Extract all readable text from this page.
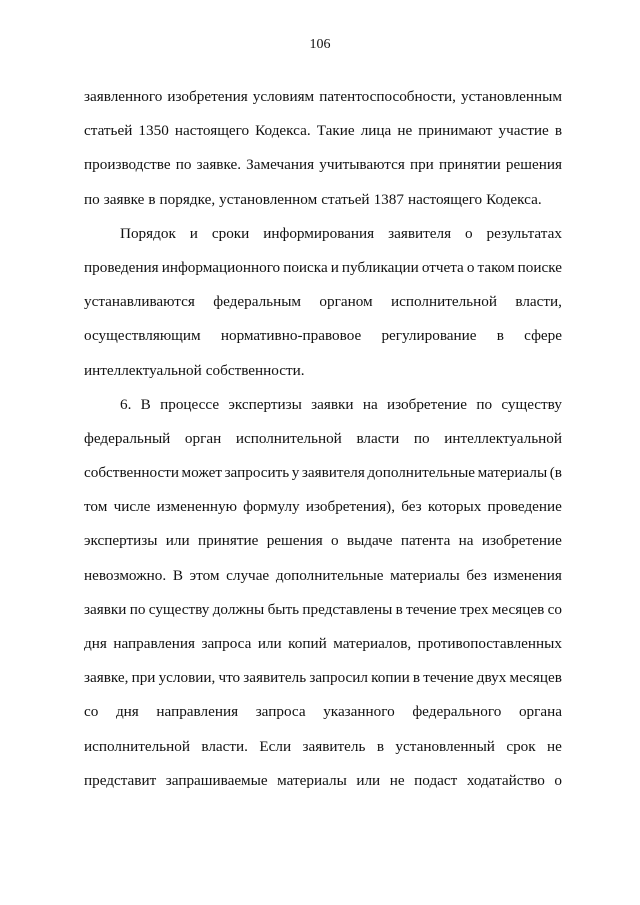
106
заявленного изобретения условиям патентоспособности, установленным
статьей 1350 настоящего Кодекса. Такие лица не принимают участие в
производстве по заявке. Замечания учитываются при принятии решения
по заявке в порядке, установленном статьей 1387 настоящего Кодекса.
Порядок и сроки информирования заявителя о результатах
проведения информационного поиска и публикации отчета о таком поиске
устанавливаются федеральным органом исполнительной власти,
осуществляющим нормативно-правовое регулирование в сфере
интеллектуальной собственности.
6. В процессе экспертизы заявки на изобретение по существу
федеральный орган исполнительной власти по интеллектуальной
собственности может запросить у заявителя дополнительные материалы (в
том числе измененную формулу изобретения), без которых проведение
экспертизы или принятие решения о выдаче патента на изобретение
невозможно. В этом случае дополнительные материалы без изменения
заявки по существу должны быть представлены в течение трех месяцев со
дня направления запроса или копий материалов, противопоставленных
заявке, при условии, что заявитель запросил копии в течение двух месяцев
со дня направления запроса указанного федерального органа
исполнительной власти. Если заявитель в установленный срок не
представит запрашиваемые материалы или не подаст ходатайство о
